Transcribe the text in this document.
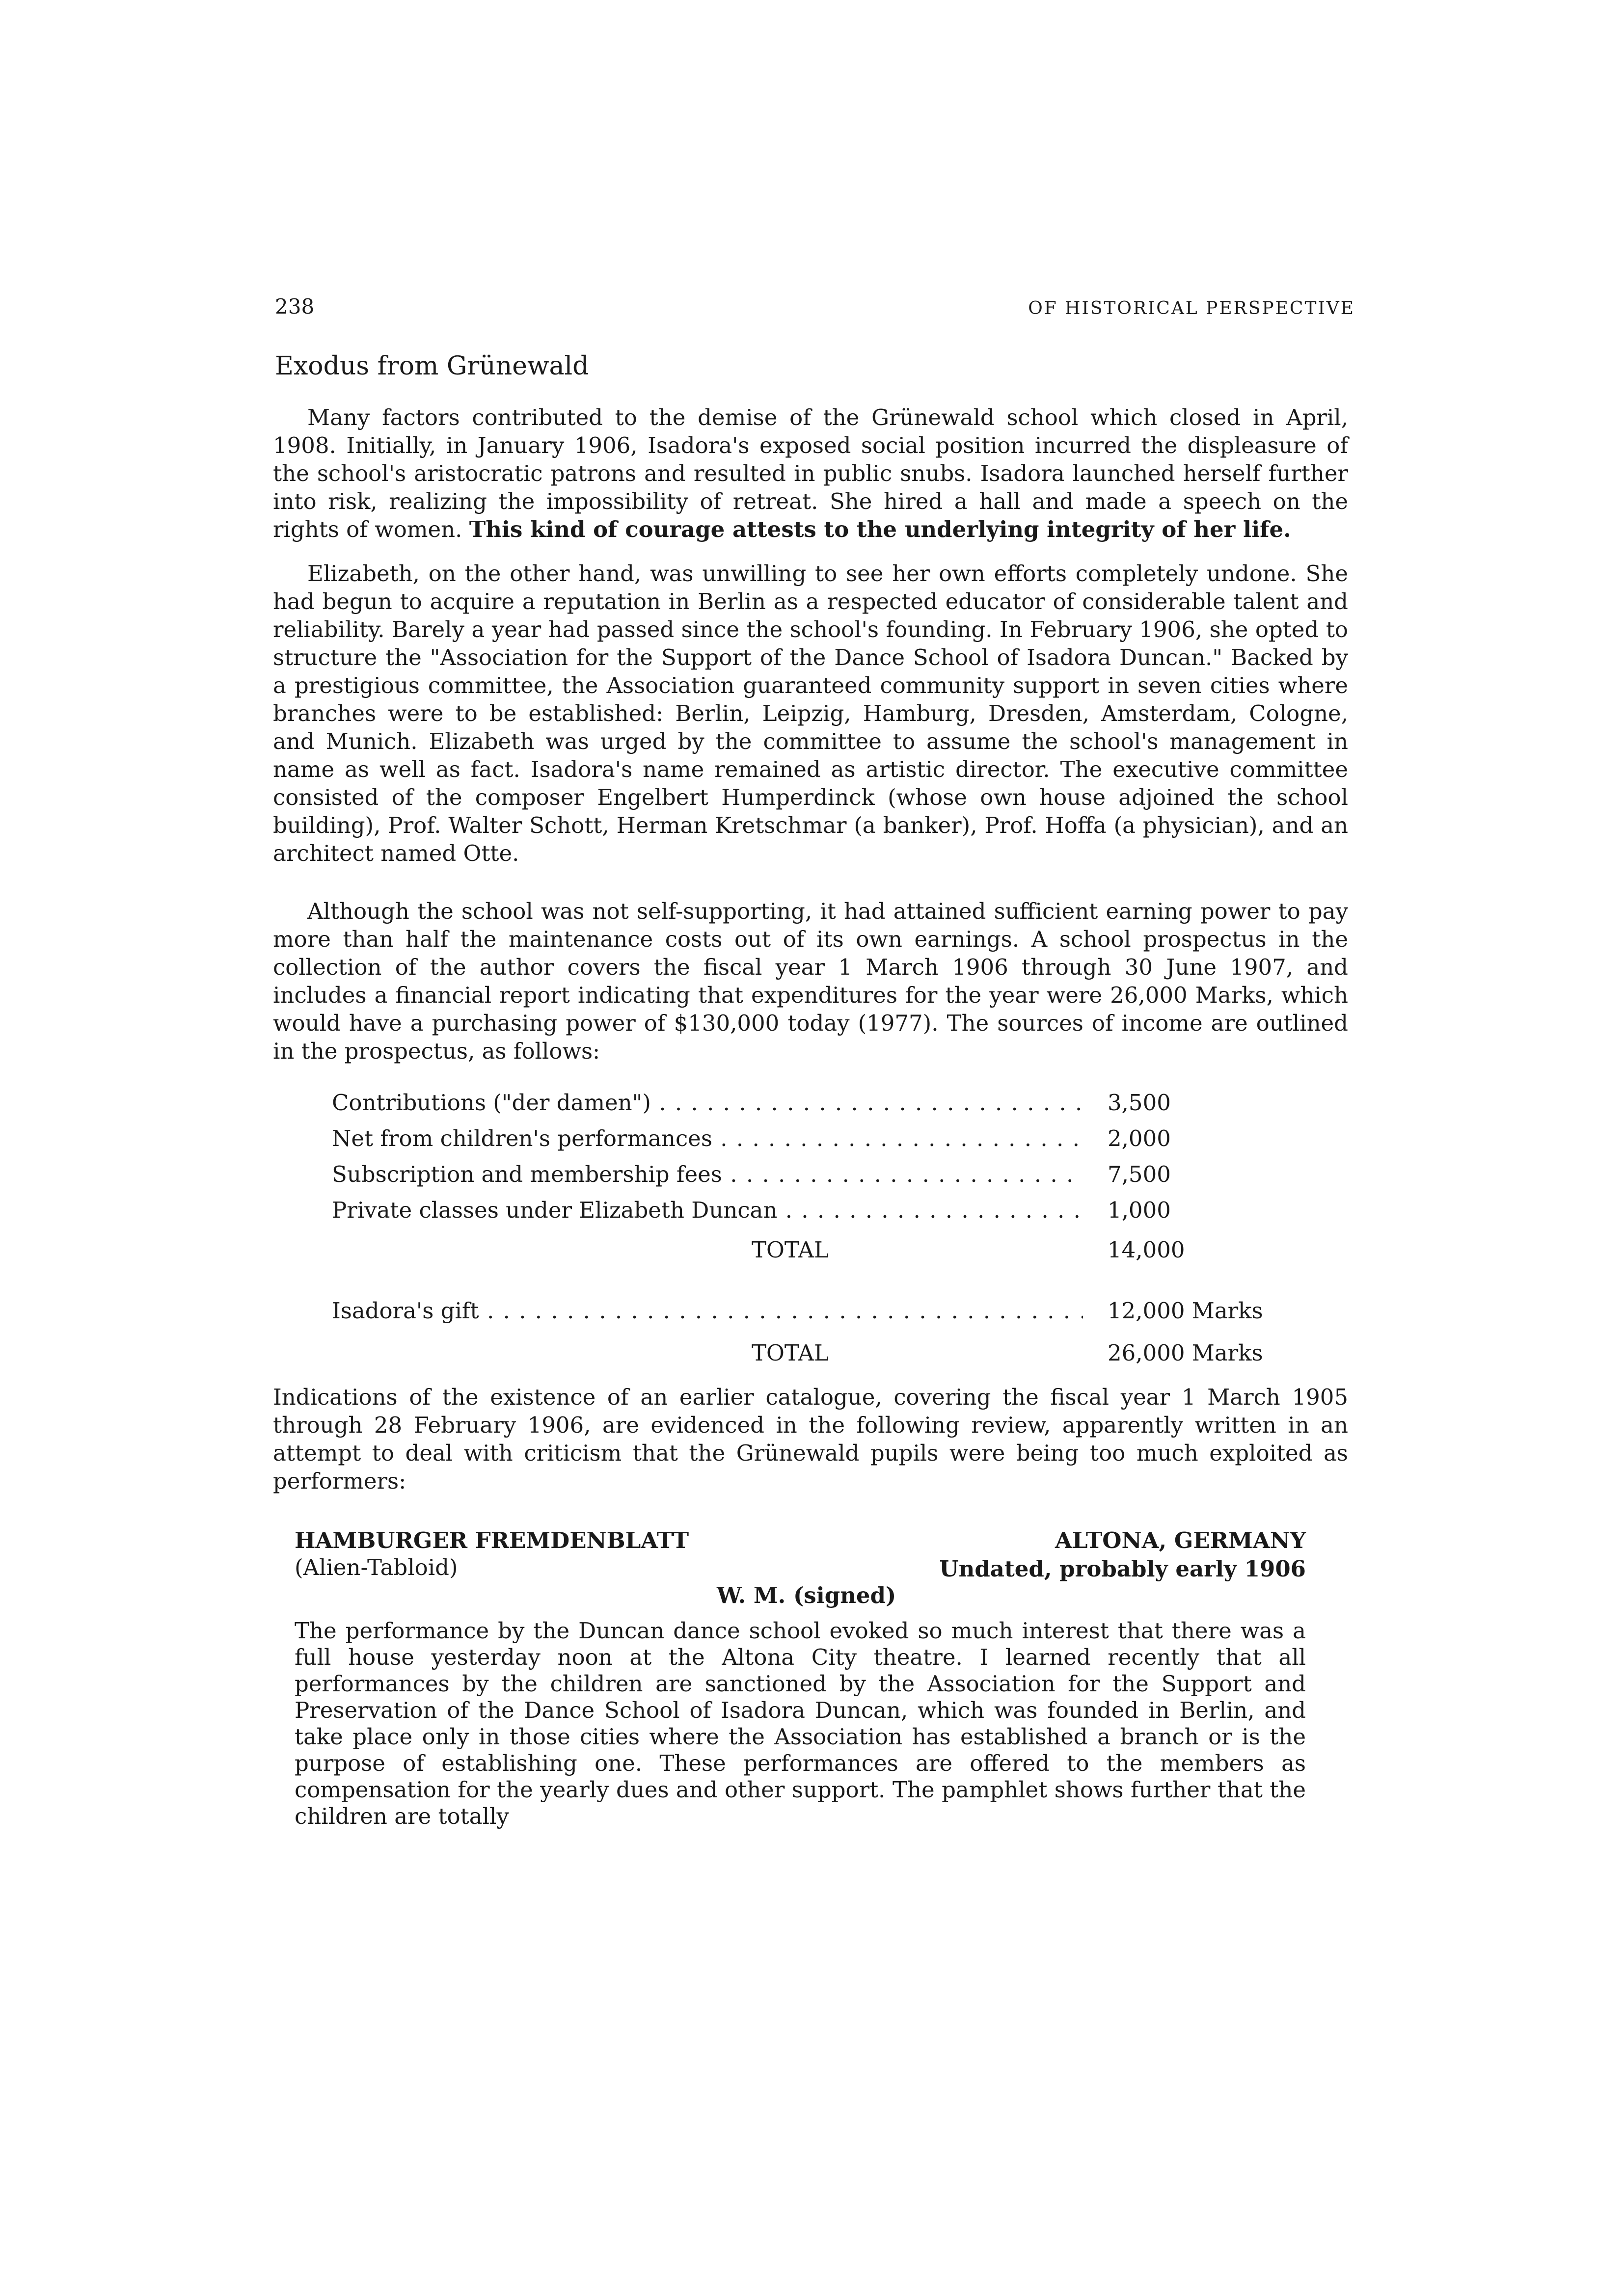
238	OF HISTORICAL PERSPECTIVE
Exodus from Grünewald

Many factors contributed to the demise of the Grünewald school which closed in April, 1908. Initially, in January 1906, Isadora's exposed social position incurred the displeasure of the school's aristocratic patrons and resulted in public snubs. Isadora launched herself further into risk, realizing the impossibility of retreat. She hired a hall and made a speech on the rights of women. This kind of courage attests to the underlying integrity of her life.

Elizabeth, on the other hand, was unwilling to see her own efforts completely undone. She had begun to acquire a reputation in Berlin as a respected educator of considerable talent and reliability. Barely a year had passed since the school's founding. In February 1906, she opted to structure the "Association for the Support of the Dance School of Isadora Duncan." Backed by a prestigious committee, the Association guaranteed community support in seven cities where branches were to be established: Berlin, Leipzig, Hamburg, Dresden, Amsterdam, Cologne, and Munich. Elizabeth was urged by the committee to assume the school's management in name as well as fact. Isadora's name remained as artistic director. The executive committee consisted of the composer Engelbert Humperdinck (whose own house adjoined the school building), Prof. Walter Schott, Herman Kretschmar (a banker), Prof. Hoffa (a physician), and an architect named Otte.

Although the school was not self-supporting, it had attained sufficient earning power to pay more than half the maintenance costs out of its own earnings. A school prospectus in the collection of the author covers the fiscal year 1 March 1906 through 30 June 1907, and includes a financial report indicating that expenditures for the year were 26,000 Marks, which would have a purchasing power of $130,000 today (1977). The sources of income are outlined in the prospectus, as follows:

Contributions ("der damen") . . .	3,500
Net from children's performances . . .	2,000
Subscription and membership fees . . .	7,500
Private classes under Elizabeth Duncan . . .	1,000
TOTAL	14,000
Isadora's gift . . .	12,000 Marks
TOTAL	26,000 Marks

Indications of the existence of an earlier catalogue, covering the fiscal year 1 March 1905 through 28 February 1906, are evidenced in the following review, apparently written in an attempt to deal with criticism that the Grünewald pupils were being too much exploited as performers:

HAMBURGER FREMDENBLATT	ALTONA, GERMANY
(Alien-Tabloid)	Undated, probably early 1906
W. M. (signed)

The performance by the Duncan dance school evoked so much interest that there was a full house yesterday noon at the Altona City theatre. I learned recently that all performances by the children are sanctioned by the Association for the Support and Preservation of the Dance School of Isadora Duncan, which was founded in Berlin, and take place only in those cities where the Association has established a branch or is the purpose of establishing one. These performances are offered to the members as compensation for the yearly dues and other support. The pamphlet shows further that the children are totally
